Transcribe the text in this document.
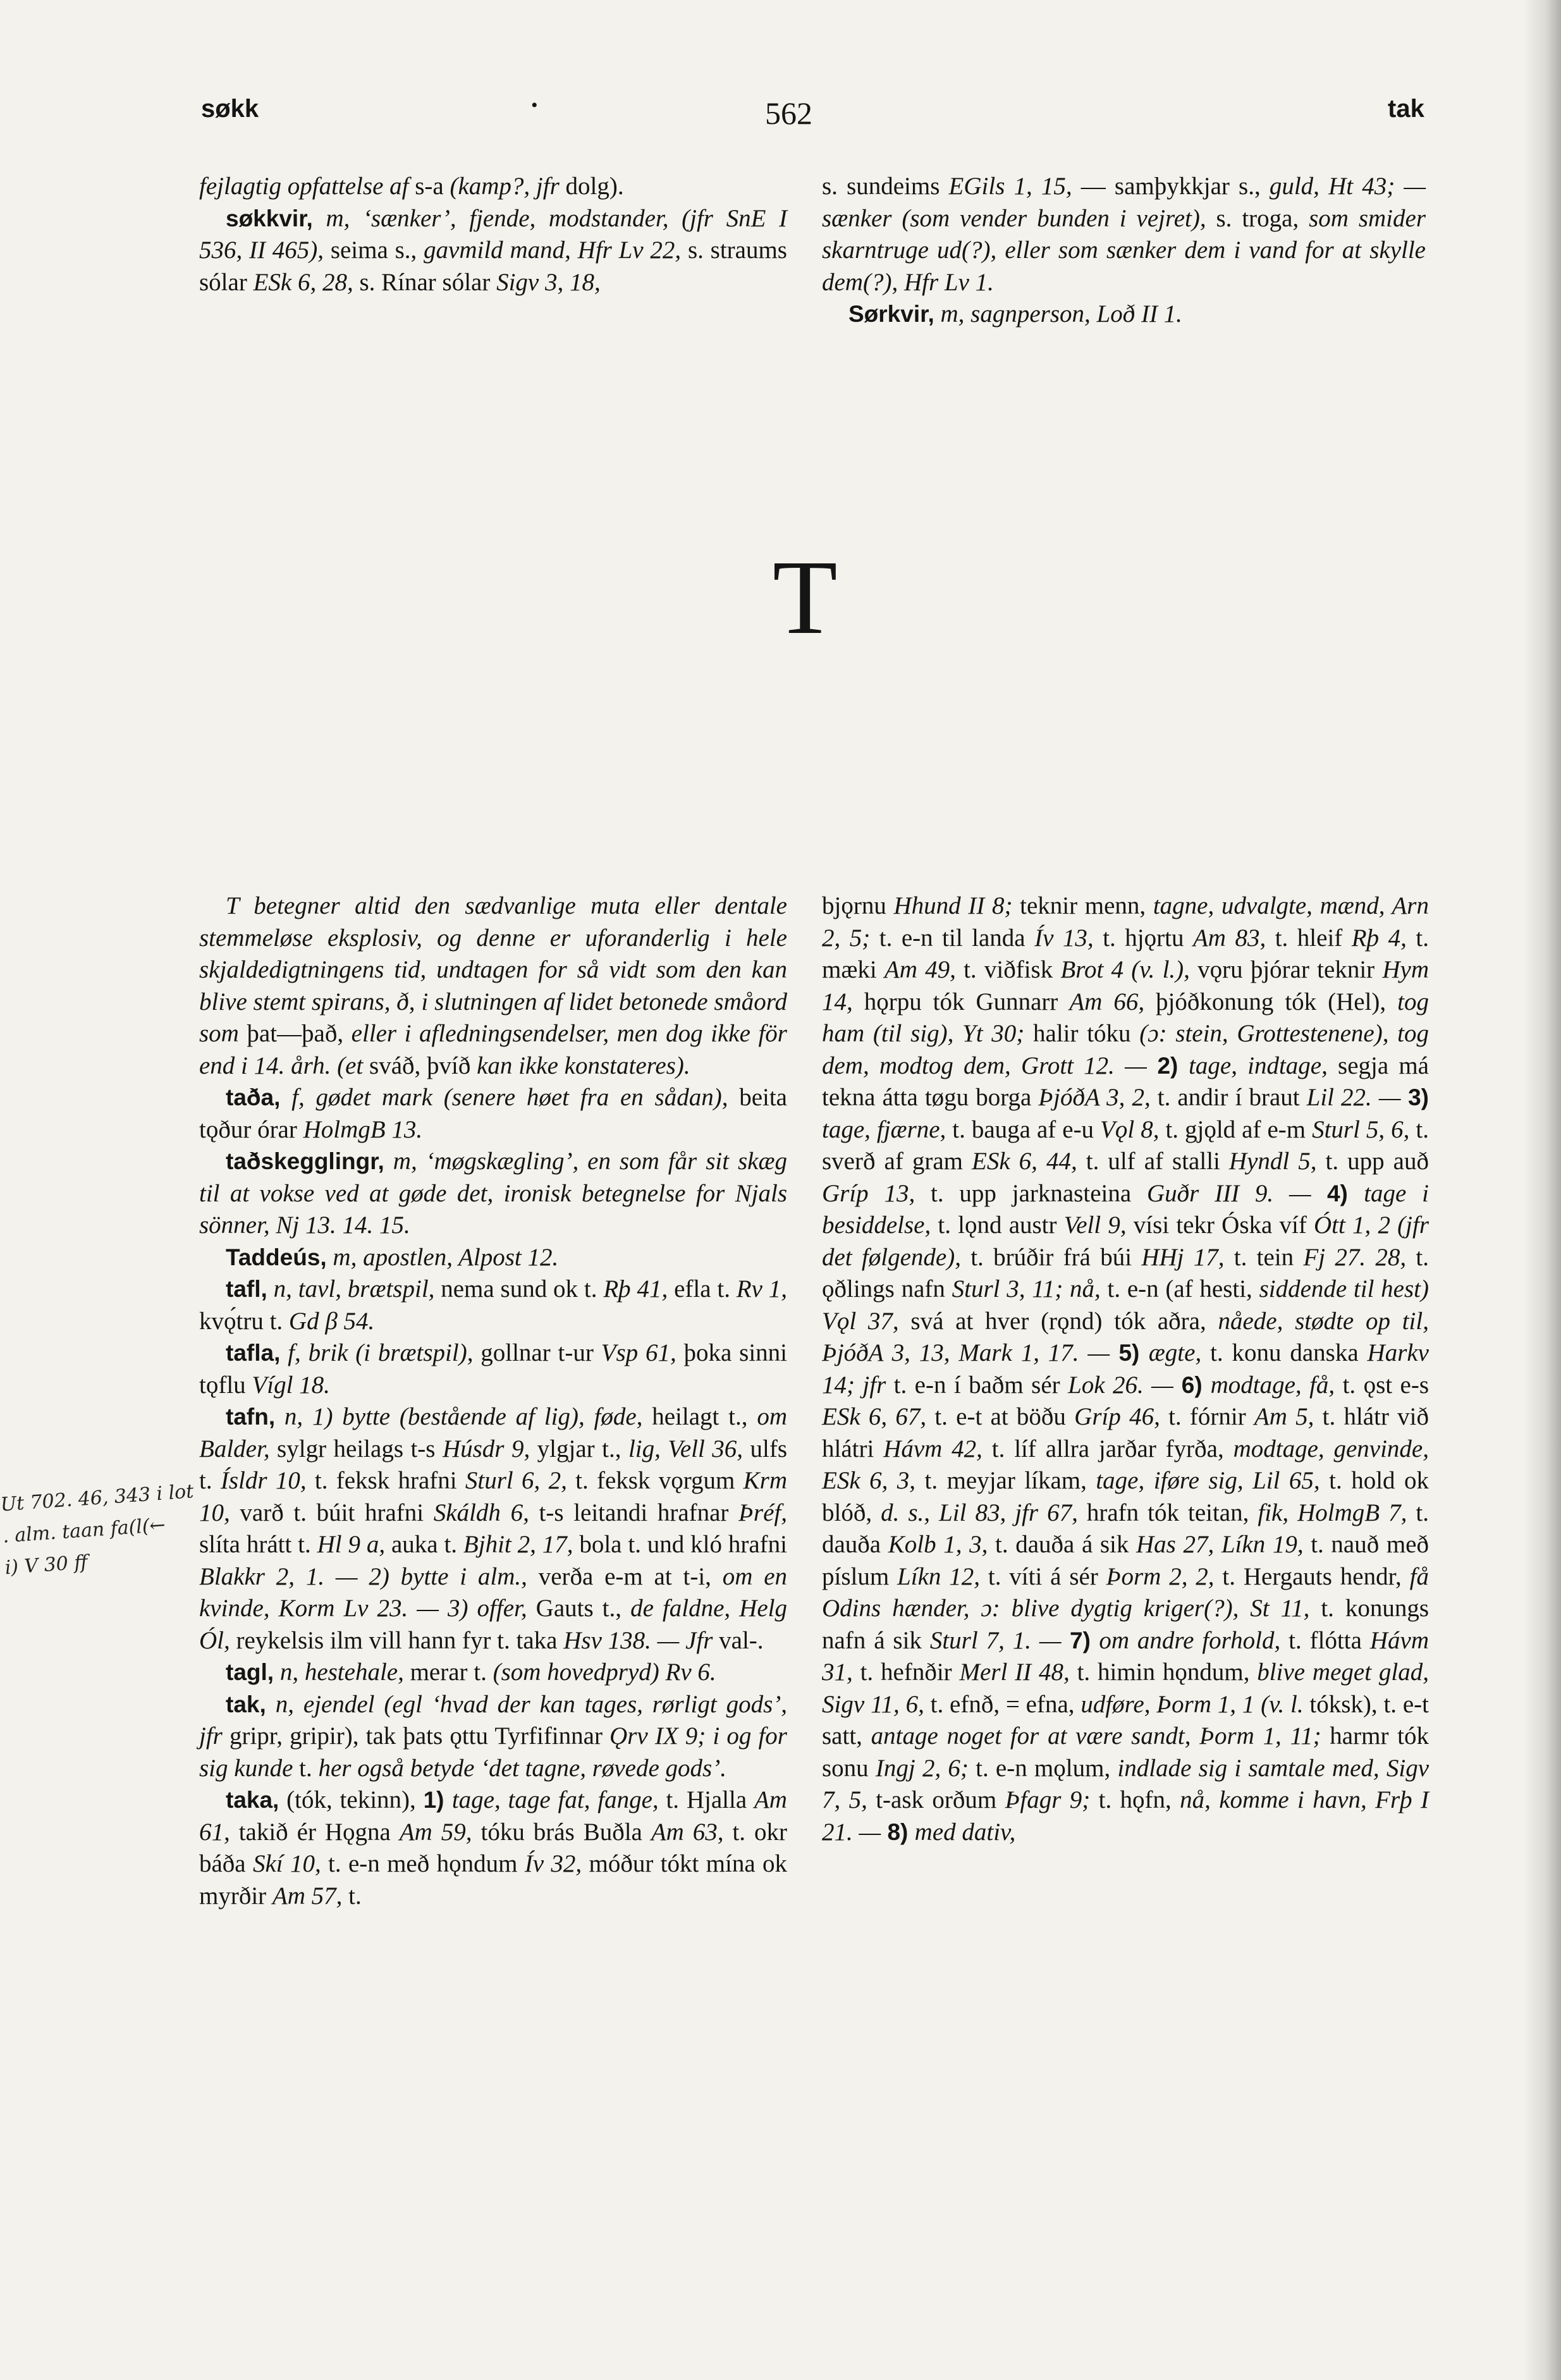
søkk	•	562	tak

fejlagtig opfattelse af s-a (kamp?, jfr dolg).

søkkvir, m, ‘sænker’, fjende, modstander, (jfr SnE I 536, II 465), seima s., gavmild mand, Hfr Lv 22, s. straums sólar ESk 6, 28, s. Rínar sólar Sigv 3, 18,

s. sundeims EGils 1, 15, — samþykkjar s., guld, Ht 43; — sænker (som vender bunden i vejret), s. troga, som smider skarntruge ud(?), eller som sænker dem i vand for at skylle dem(?), Hfr Lv 1.

Sørkvir, m, sagnperson, Loð II 1.

T

T betegner altid den sædvanlige muta eller dentale stemmeløse eksplosiv, og denne er uforanderlig i hele skjaldedigtningens tid, undtagen for så vidt som den kan blive stemt spirans, ð, i slutningen af lidet betonede småord som þat—það, eller i afledningsendelser, men dog ikke för end i 14. årh. (et sváð, þvíð kan ikke konstateres).

taða, f, gødet mark (senere høet fra en sådan), beita tǫður órar HolmgB 13.

taðskegglingr, m, ‘møgskægling’, en som får sit skæg til at vokse ved at gøde det, ironisk betegnelse for Njals sönner, Nj 13. 14. 15.

Taddeús, m, apostlen, Alpost 12.

tafl, n, tavl, brætspil, nema sund ok t. Rþ 41, efla t. Rv 1, kvǫ́tru t. Gd β 54.

tafla, f, brik (i brætspil), gollnar t-ur Vsp 61, þoka sinni tǫflu Vígl 18.

tafn, n, 1) bytte (bestående af lig), føde, heilagt t., om Balder, sylgr heilags t-s Húsdr 9, ylgjar t., lig, Vell 36, ulfs t. Ísldr 10, t. feksk hrafni Sturl 6, 2, t. feksk vǫrgum Krm 10, varð t. búit hrafni Skáldh 6, t-s leitandi hrafnar Þréf, slíta hrátt t. Hl 9 a, auka t. Bjhit 2, 17, bola t. und kló hrafni Blakkr 2, 1. — 2) bytte i alm., verða e-m at t-i, om en kvinde, Korm Lv 23. — 3) offer, Gauts t., de faldne, Helg Ól, reykelsis ilm vill hann fyr t. taka Hsv 138. — Jfr val-.

tagl, n, hestehale, merar t. (som hovedpryd) Rv 6.

tak, n, ejendel (egl ‘hvad der kan tages, rørligt gods’, jfr gripr, gripir), tak þats ǫttu Tyrfifinnar Ǫrv IX 9; i og for sig kunde t. her også betyde ‘det tagne, røvede gods’.

taka, (tók, tekinn), 1) tage, tage fat, fange, t. Hjalla Am 61, takið ér Hǫgna Am 59, tóku brás Buðla Am 63, t. okr báða Skí 10, t. e-n með hǫndum Ív 32, móður tókt mína ok myrðir Am 57, t.

bjǫrnu Hhund II 8; teknir menn, tagne, udvalgte, mænd, Arn 2, 5; t. e-n til landa Ív 13, t. hjǫrtu Am 83, t. hleif Rþ 4, t. mæki Am 49, t. viðfisk Brot 4 (v. l.), vǫru þjórar teknir Hym 14, hǫrpu tók Gunnarr Am 66, þjóðkonung tók (Hel), tog ham (til sig), Yt 30; halir tóku (ɔ: stein, Grottestenene), tog dem, modtog dem, Grott 12. — 2) tage, indtage, segja má tekna átta tøgu borga ÞjóðA 3, 2, t. andir í braut Lil 22. — 3) tage, fjærne, t. bauga af e-u Vǫl 8, t. gjǫld af e-m Sturl 5, 6, t. sverð af gram ESk 6, 44, t. ulf af stalli Hyndl 5, t. upp auð Gríp 13, t. upp jarknasteina Guðr III 9. — 4) tage i besiddelse, t. lǫnd austr Vell 9, vísi tekr Óska víf Ótt 1, 2 (jfr det følgende), t. brúðir frá búi HHj 17, t. tein Fj 27. 28, t. ǫðlings nafn Sturl 3, 11; nå, t. e-n (af hesti, siddende til hest) Vǫl 37, svá at hver (rǫnd) tók aðra, nåede, stødte op til, ÞjóðA 3, 13, Mark 1, 17. — 5) ægte, t. konu danska Harkv 14; jfr t. e-n í baðm sér Lok 26. — 6) modtage, få, t. ǫst e-s ESk 6, 67, t. e-t at böðu Gríp 46, t. fórnir Am 5, t. hlátr við hlátri Hávm 42, t. líf allra jarðar fyrða, modtage, genvinde, ESk 6, 3, t. meyjar líkam, tage, iføre sig, Lil 65, t. hold ok blóð, d. s., Lil 83, jfr 67, hrafn tók teitan, fik, HolmgB 7, t. dauða Kolb 1, 3, t. dauða á sik Has 27, Líkn 19, t. nauð með píslum Líkn 12, t. víti á sér Þorm 2, 2, t. Hergauts hendr, få Odins hænder, ɔ: blive dygtig kriger(?), St 11, t. konungs nafn á sik Sturl 7, 1. — 7) om andre forhold, t. flótta Hávm 31, t. hefnðir Merl II 48, t. himin hǫndum, blive meget glad, Sigv 11, 6, t. efnð, = efna, udføre, Þorm 1, 1 (v. l. tóksk), t. e-t satt, antage noget for at være sandt, Þorm 1, 11; harmr tók sonu Ingj 2, 6; t. e-n mǫlum, indlade sig i samtale med, Sigv 7, 5, t-ask orðum Þfagr 9; t. hǫfn, nå, komme i havn, Frþ I 21. — 8) med dativ,

Ut 702. 46, 343 i lot
. alm. taan fa(l(←
i) V 30 ff
